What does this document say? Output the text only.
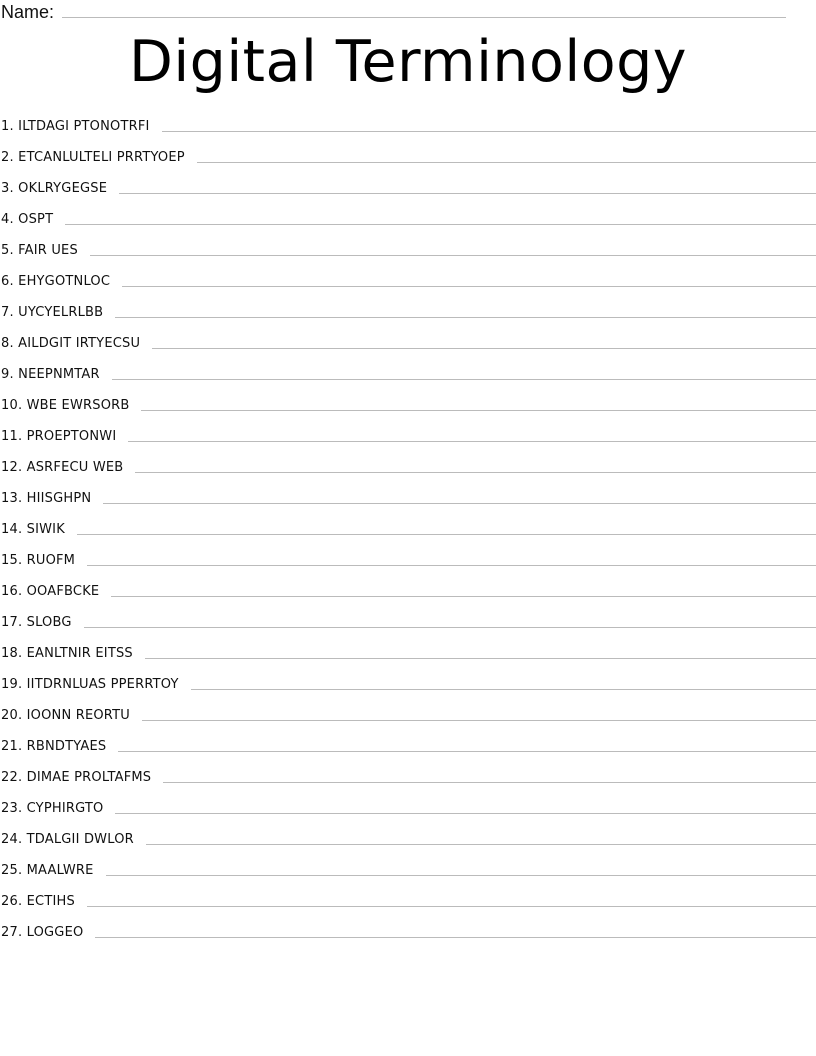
Name:
Digital Terminology
1. ILTDAGI PTONOTRFI
2. ETCANLULTELI PRRTYOEP
3. OKLRYGEGSE
4. OSPT
5. FAIR UES
6. EHYGOTNLOC
7. UYCYELRLBB
8. AILDGIT IRTYECSU
9. NEEPNMTAR
10. WBE EWRSORB
11. PROEPTONWI
12. ASRFECU WEB
13. HIISGHPN
14. SIWIK
15. RUOFM
16. OOAFBCKE
17. SLOBG
18. EANLTNIR EITSS
19. IITDRNLUAS PPERRTOY
20. IOONN REORTU
21. RBNDTYAES
22. DIMAE PROLTAFMS
23. CYPHIRGTO
24. TDALGII DWLOR
25. MAALWRE
26. ECTIHS
27. LOGGEO
